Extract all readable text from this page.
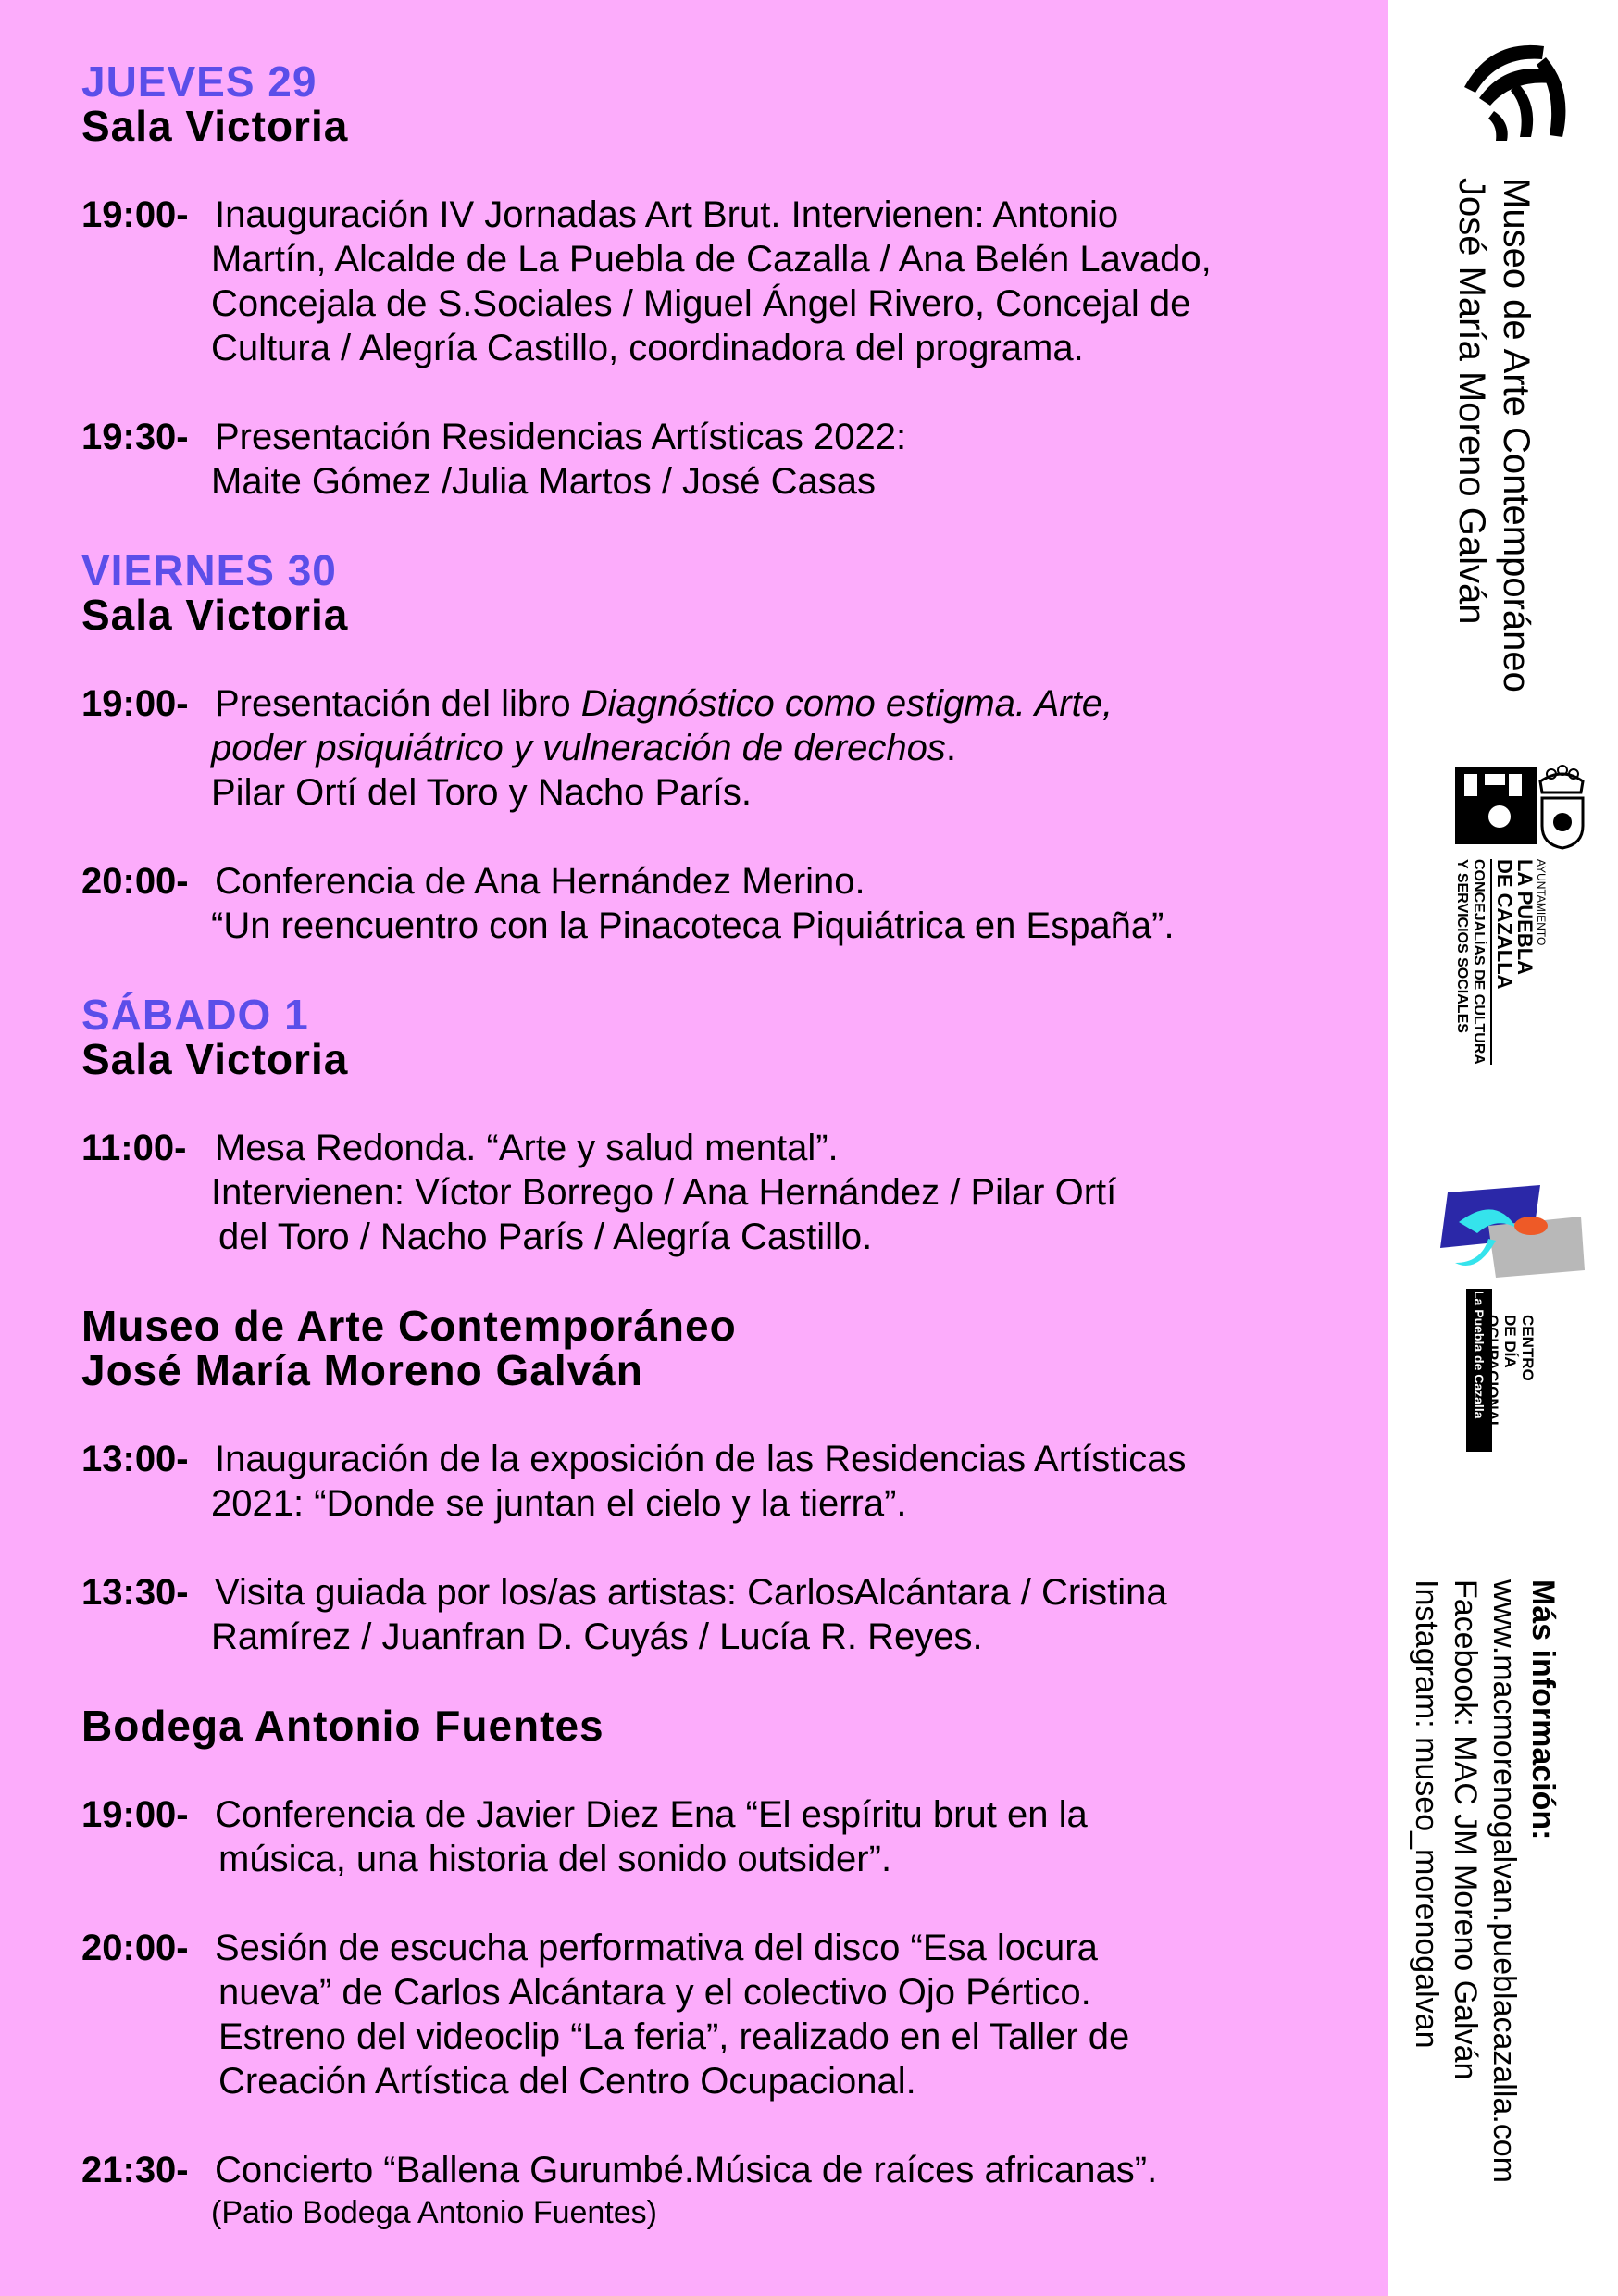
JUEVES 29
Sala Victoria
19:00- Inauguración IV Jornadas Art Brut. Intervienen: Antonio
Martín, Alcalde de La Puebla de Cazalla / Ana Belén Lavado,
Concejala de S.Sociales / Miguel Ángel Rivero, Concejal de
Cultura / Alegría Castillo, coordinadora del programa.
19:30- Presentación Residencias Artísticas 2022:
Maite Gómez /Julia Martos / José Casas
VIERNES 30
Sala Victoria
19:00- Presentación del libro Diagnóstico como estigma. Arte,
poder psiquiátrico y vulneración de derechos.
Pilar Ortí del Toro y Nacho París.
20:00- Conferencia de Ana Hernández Merino.
“Un reencuentro con la Pinacoteca Piquiátrica en España”.
SÁBADO 1
Sala Victoria
11:00- Mesa Redonda. “Arte y salud mental”.
Intervienen: Víctor Borrego / Ana Hernández / Pilar Ortí
del Toro / Nacho París / Alegría Castillo.
Museo de Arte Contemporáneo
José María Moreno Galván
13:00- Inauguración de la exposición de las Residencias Artísticas
2021: “Donde se juntan el cielo y la tierra”.
13:30- Visita guiada por los/as artistas: CarlosAlcántara / Cristina
Ramírez / Juanfran D. Cuyás / Lucía R. Reyes.
Bodega Antonio Fuentes
19:00- Conferencia de Javier Diez Ena “El espíritu brut en la
música, una historia del sonido outsider”.
20:00- Sesión de escucha performativa del disco “Esa locura
nueva” de Carlos Alcántara y el colectivo Ojo Pértico.
Estreno del videoclip “La feria”, realizado en el Taller de
Creación Artística del Centro Ocupacional.
21:30- Concierto “Ballena Gurumbé.Música de raíces africanas”.
(Patio Bodega Antonio Fuentes)
Museo de Arte Contemporáneo
José María Moreno Galván
AYUNTAMIENTO
LA PUEBLA
DE CAZALLA
CONCEJALÍAS DE CULTURA
Y SERVICIOS SOCIALES
La Puebla de Cazalla CENTRO
DE DÍA
OCUPACIONAL
Más información:
www.macmorenogalvan.pueblacazalla.com
Facebook: MAC JM Moreno Galván
Instagram: museo_morenogalvan
